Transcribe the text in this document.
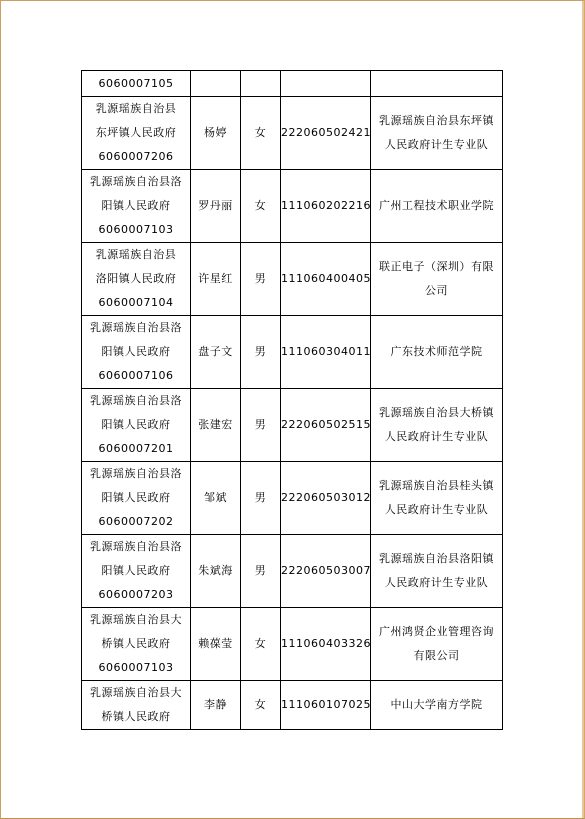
6060007105				

乳源瑶族自治县
东坪镇人民政府
6060007206	杨婷	女	222060502421	乳源瑶族自治县东坪镇
人民政府计生专业队

乳源瑶族自治县洛
阳镇人民政府
6060007103	罗丹丽	女	111060202216	广州工程技术职业学院

乳源瑶族自治县
洛阳镇人民政府
6060007104	许星红	男	111060400405	联正电子（深圳）有限
公司

乳源瑶族自治县洛
阳镇人民政府
6060007106	盘子文	男	111060304011	广东技术师范学院

乳源瑶族自治县洛
阳镇人民政府
6060007201	张建宏	男	222060502515	乳源瑶族自治县大桥镇
人民政府计生专业队

乳源瑶族自治县洛
阳镇人民政府
6060007202	邹斌	男	222060503012	乳源瑶族自治县桂头镇
人民政府计生专业队

乳源瑶族自治县洛
阳镇人民政府
6060007203	朱斌海	男	222060503007	乳源瑶族自治县洛阳镇
人民政府计生专业队

乳源瑶族自治县大
桥镇人民政府
6060007103	赖葆莹	女	111060403326	广州鸿贤企业管理咨询
有限公司

乳源瑶族自治县大
桥镇人民政府	李静	女	111060107025	中山大学南方学院
